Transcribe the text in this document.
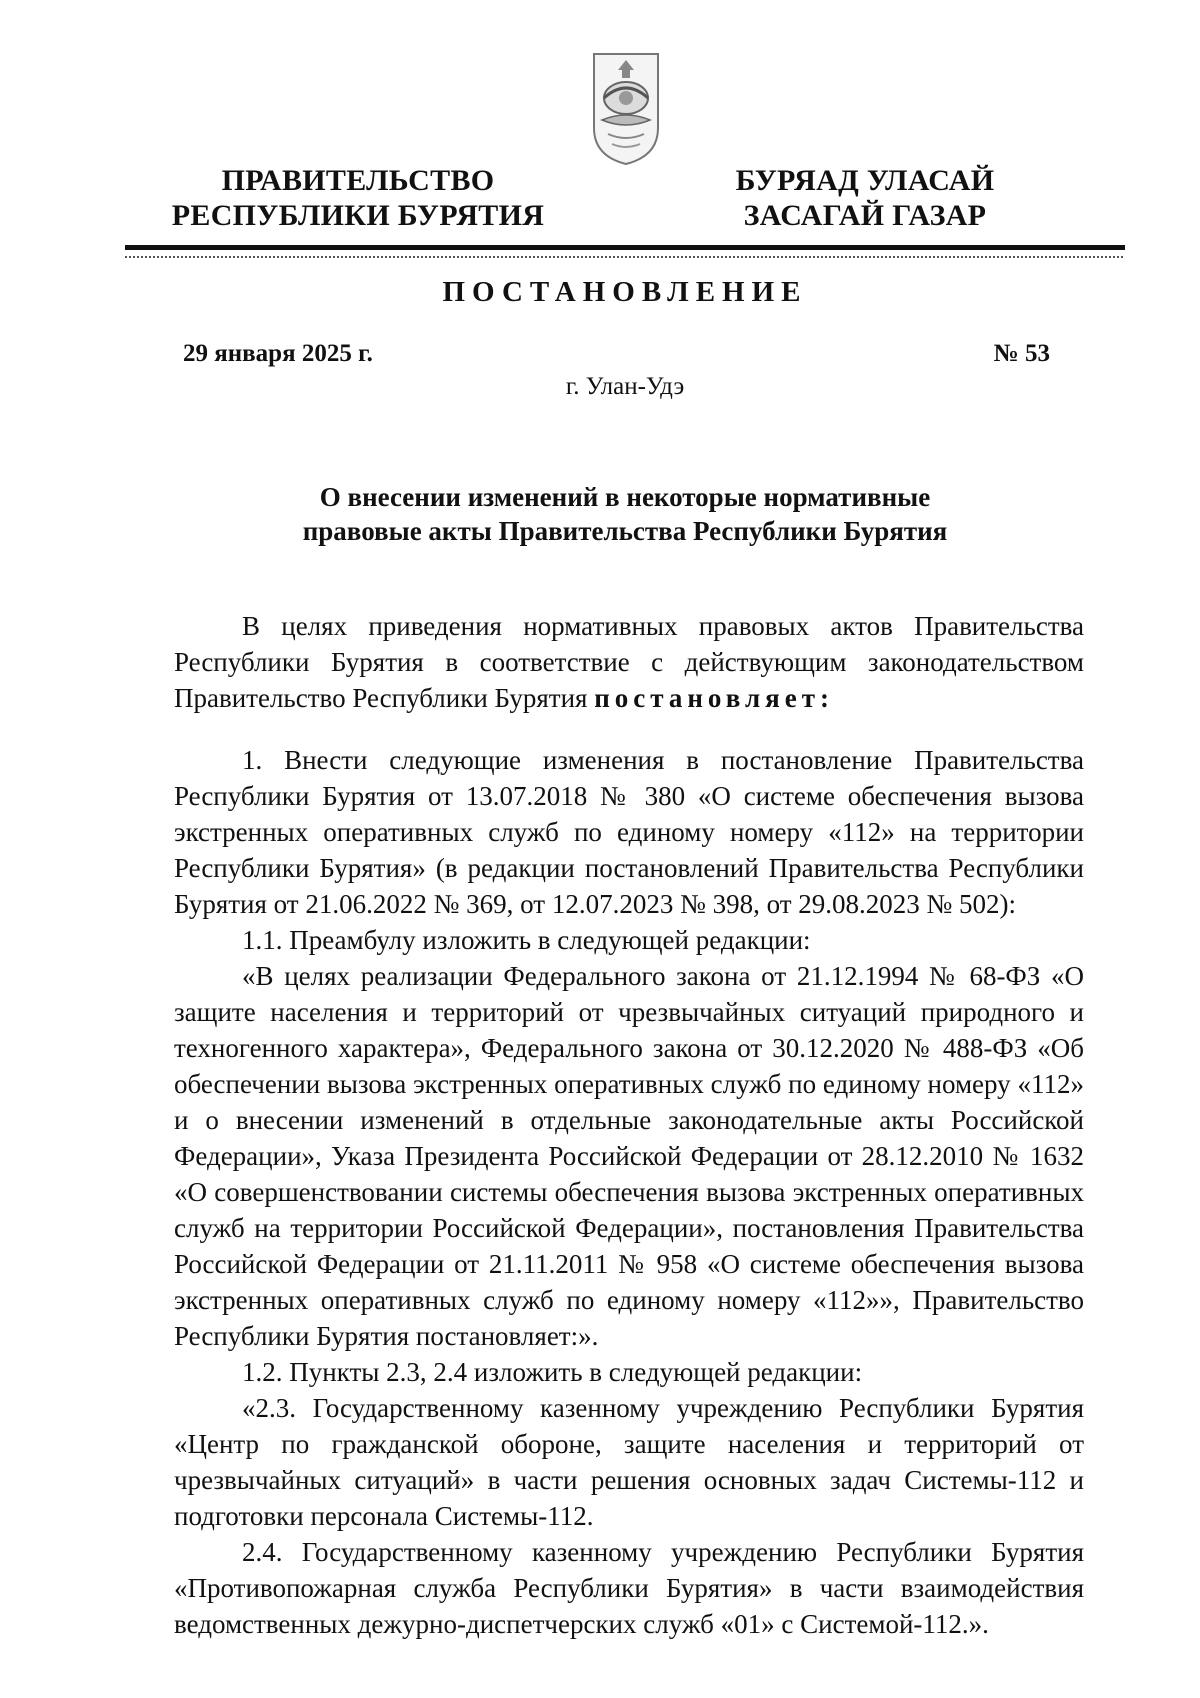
ПРАВИТЕЛЬСТВО
РЕСПУБЛИКИ БУРЯТИЯ
БУРЯАД УЛАСАЙ
ЗАСАГАЙ ГАЗАР
ПОСТАНОВЛЕНИЕ
29 января 2025 г.	№ 53
г. Улан-Удэ
О внесении изменений в некоторые нормативные
правовые акты Правительства Республики Бурятия

В целях приведения нормативных правовых актов Правительства Республики Бурятия в соответствие с действующим законодательством Правительство Республики Бурятия постановляет:

1. Внести следующие изменения в постановление Правительства Республики Бурятия от 13.07.2018 № 380 «О системе обеспечения вызова экстренных оперативных служб по единому номеру «112» на территории Республики Бурятия» (в редакции постановлений Правительства Республики Бурятия от 21.06.2022 № 369, от 12.07.2023 № 398, от 29.08.2023 № 502):

1.1. Преамбулу изложить в следующей редакции:

«В целях реализации Федерального закона от 21.12.1994 № 68-ФЗ «О защите населения и территорий от чрезвычайных ситуаций природного и техногенного характера», Федерального закона от 30.12.2020 № 488-ФЗ «Об обеспечении вызова экстренных оперативных служб по единому номеру «112» и о внесении изменений в отдельные законодательные акты Российской Федерации», Указа Президента Российской Федерации от 28.12.2010 № 1632 «О совершенствовании системы обеспечения вызова экстренных оперативных служб на территории Российской Федерации», постановления Правительства Российской Федерации от 21.11.2011 № 958 «О системе обеспечения вызова экстренных оперативных служб по единому номеру «112»», Правительство Республики Бурятия постановляет:».

1.2. Пункты 2.3, 2.4 изложить в следующей редакции:

«2.3. Государственному казенному учреждению Республики Бурятия «Центр по гражданской обороне, защите населения и территорий от чрезвычайных ситуаций» в части решения основных задач Системы-112 и подготовки персонала Системы-112.

2.4. Государственному казенному учреждению Республики Бурятия «Противопожарная служба Республики Бурятия» в части взаимодействия ведомственных дежурно-диспетчерских служб «01» с Системой-112.».
